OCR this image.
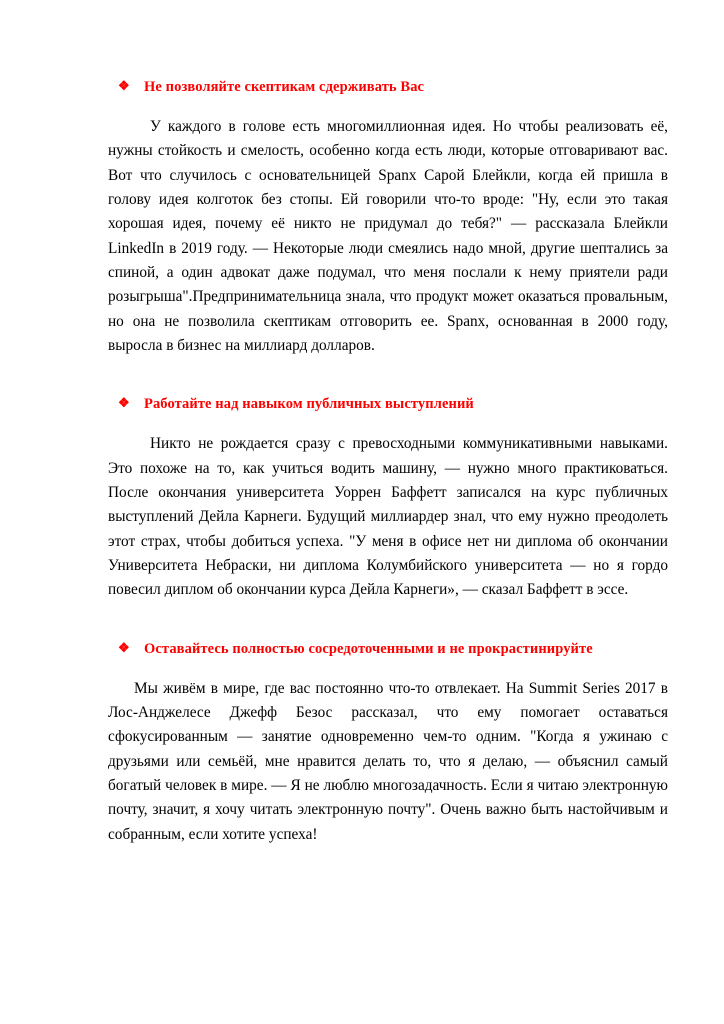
❖ Не позволяйте скептикам сдерживать Вас

У каждого в голове есть многомиллионная идея. Но чтобы реализовать её, нужны стойкость и смелость, особенно когда есть люди, которые отговаривают вас. Вот что случилось с основательницей Spanx Сарой Блейкли, когда ей пришла в голову идея колготок без стопы. Ей говорили что-то вроде: "Ну, если это такая хорошая идея, почему её никто не придумал до тебя?" — рассказала Блейкли LinkedIn в 2019 году. — Некоторые люди смеялись надо мной, другие шептались за спиной, а один адвокат даже подумал, что меня послали к нему приятели ради розыгрыша".Предпринимательница знала, что продукт может оказаться провальным, но она не позволила скептикам отговорить ее. Spanx, основанная в 2000 году, выросла в бизнес на миллиард долларов.

❖ Работайте над навыком публичных выступлений

Никто не рождается сразу с превосходными коммуникативными навыками. Это похоже на то, как учиться водить машину, — нужно много практиковаться. После окончания университета Уоррен Баффетт записался на курс публичных выступлений Дейла Карнеги. Будущий миллиардер знал, что ему нужно преодолеть этот страх, чтобы добиться успеха. "У меня в офисе нет ни диплома об окончании Университета Небраски, ни диплома Колумбийского университета — но я гордо повесил диплом об окончании курса Дейла Карнеги», — сказал Баффетт в эссе.

❖ Оставайтесь полностью сосредоточенными и не прокрастинируйте

Мы живём в мире, где вас постоянно что-то отвлекает. На Summit Series 2017 в Лос-Анджелесе Джефф Безос рассказал, что ему помогает оставаться сфокусированным — занятие одновременно чем-то одним. "Когда я ужинаю с друзьями или семьёй, мне нравится делать то, что я делаю, — объяснил самый богатый человек в мире. — Я не люблю многозадачность. Если я читаю электронную почту, значит, я хочу читать электронную почту". Очень важно быть настойчивым и собранным, если хотите успеха!
